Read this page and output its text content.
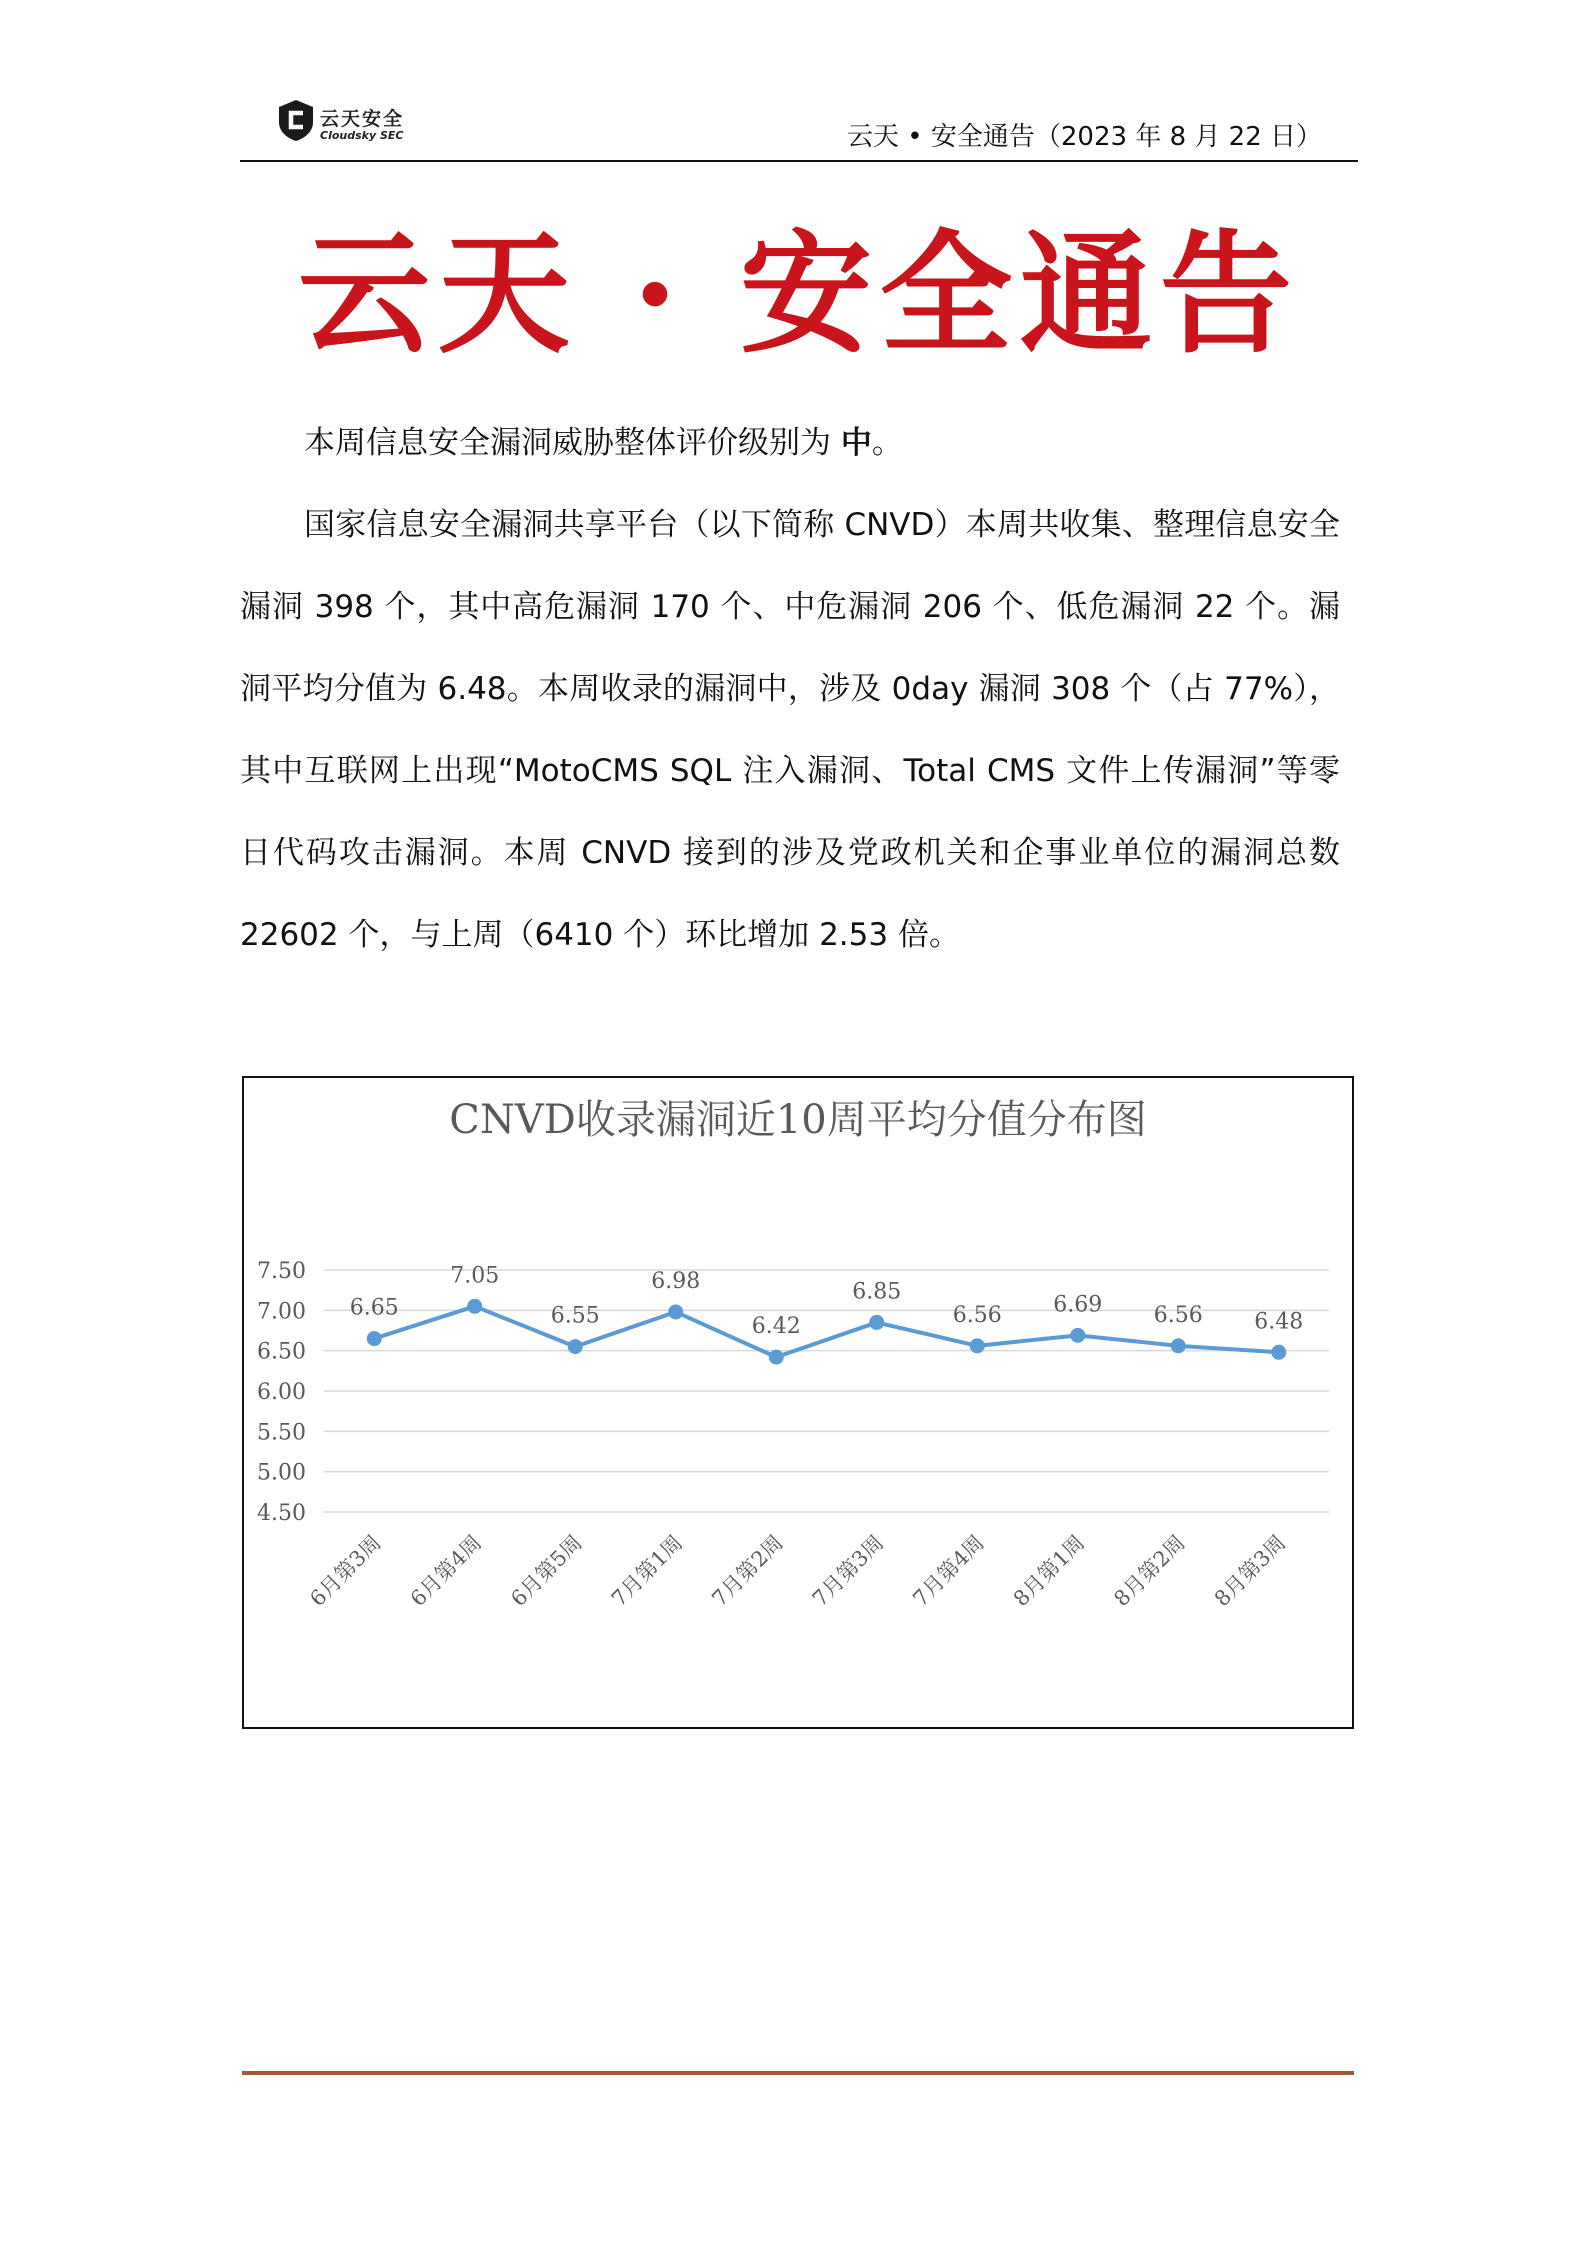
云天安全
Cloudsky SEC	云天 • 安全通告（2023 年 8 月 22 日）
云天 · 安全通告
本周信息安全漏洞威胁整体评价级别为 中。
国家信息安全漏洞共享平台（以下简称 CNVD）本周共收集、整理信息安全漏洞 398 个，其中高危漏洞 170 个、中危漏洞 206 个、低危漏洞 22 个。漏洞平均分值为 6.48。本周收录的漏洞中，涉及 0day 漏洞 308 个（占 77%），其中互联网上出现“MotoCMS SQL 注入漏洞、Total CMS 文件上传漏洞”等零日代码攻击漏洞。本周 CNVD 接到的涉及党政机关和企事业单位的漏洞总数 22602 个，与上周（6410 个）环比增加 2.53 倍。
CNVD收录漏洞近10周平均分值分布图
7.50
7.00
6.50
6.00
5.50
5.00
4.50
6.65
7.05
6.55
6.98
6.42
6.85
6.56 6.69 6.56 6.48
6月第3周 6月第4周 6月第5周 7月第1周 7月第2周 7月第3周 7月第4周 8月第1周 8月第2周 8月第3周
